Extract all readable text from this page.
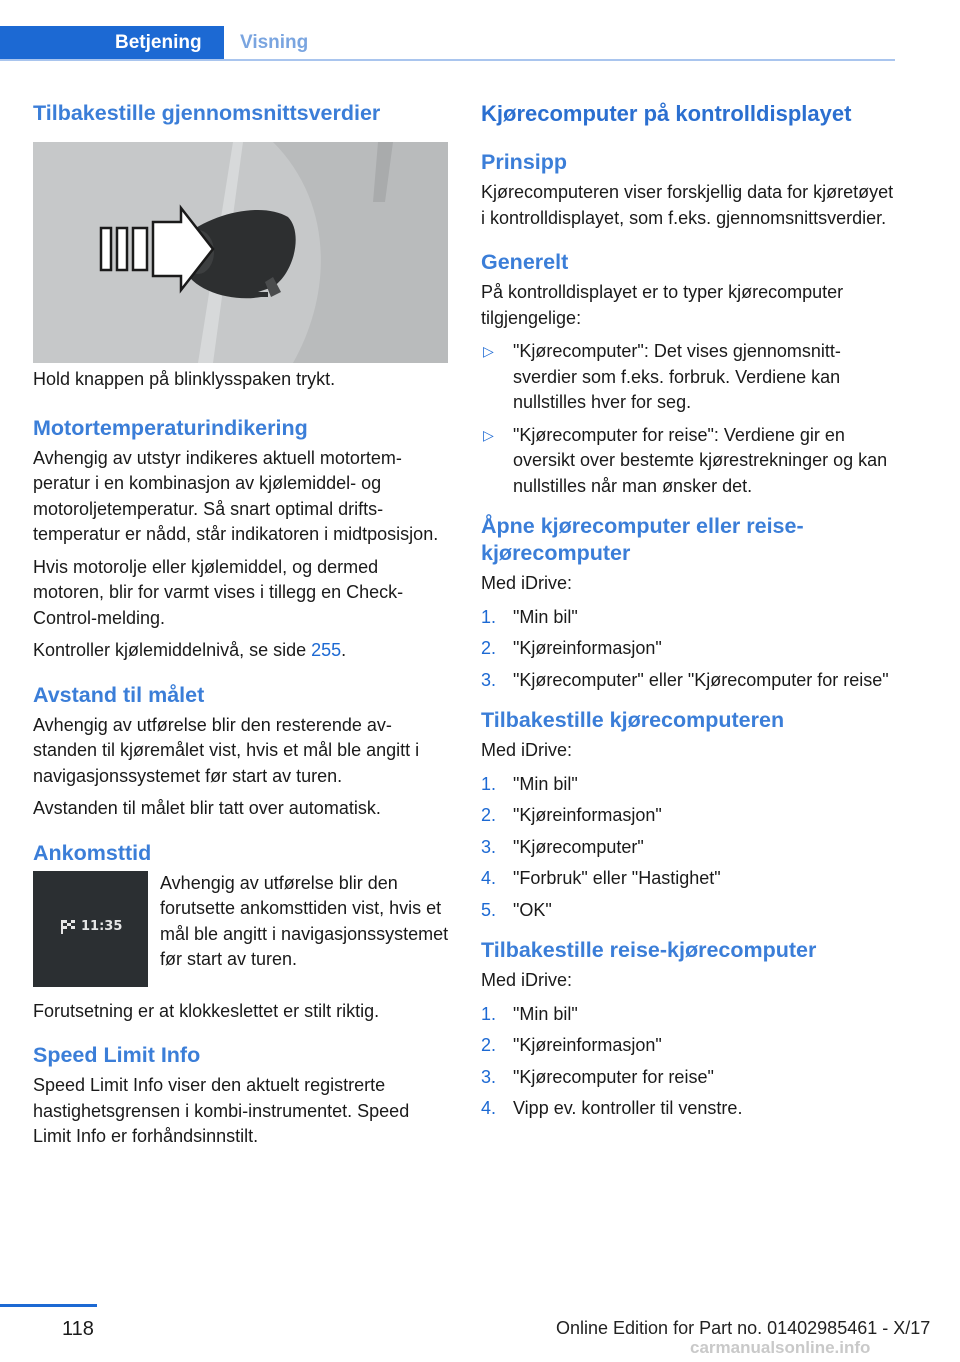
Betjening	Visning
Tilbakestille gjennomsnittsverdier

Hold knappen på blinklysspaken trykt.

Motortemperaturindikering

Avhengig av utstyr indikeres aktuell motortemperatur i en kombinasjon av kjølemiddel- og motoroljetemperatur. Så snart optimal driftstemperatur er nådd, står indikatoren i midtposisjon.

Hvis motorolje eller kjølemiddel, og dermed motoren, blir for varmt vises i tillegg en Check-Control-melding.

Kontroller kjølemiddelnivå, se side 255.

Avstand til målet

Avhengig av utførelse blir den resterende avstanden til kjøremålet vist, hvis et mål ble angitt i navigasjonssystemet før start av turen.

Avstanden til målet blir tatt over automatisk.

Ankomsttid
11:35

Avhengig av utførelse blir den forutsette ankomsttiden vist, hvis et mål ble angitt i navigasjonssystemet før start av turen.

Forutsetning er at klokkeslettet er stilt riktig.

Speed Limit Info

Speed Limit Info viser den aktuelt registrerte hastighetsgrensen i kombi-instrumentet. Speed Limit Info er forhåndsinnstilt.

Kjørecomputer på kontrolldisplayet
Prinsipp

Kjørecomputeren viser forskjellig data for kjøretøyet i kontrolldisplayet, som f.eks. gjennomsnittsverdier.

Generelt

På kontrolldisplayet er to typer kjørecomputer tilgjengelige:

▷ "Kjørecomputer": Det vises gjennomsnittsverdier som f.eks. forbruk. Verdiene kan nullstilles hver for seg.
▷ "Kjørecomputer for reise": Verdiene gir en oversikt over bestemte kjørestrekninger og kan nullstilles når man ønsker det.
Åpne kjørecomputer eller reisekjørecomputer

Med iDrive:

1. "Min bil"
2. "Kjøreinformasjon"
3. "Kjørecomputer" eller "Kjørecomputer for reise"
Tilbakestille kjørecomputeren

Med iDrive:

1. "Min bil"
2. "Kjøreinformasjon"
3. "Kjørecomputer"
4. "Forbruk" eller "Hastighet"
5. "OK"
Tilbakestille reise-kjørecomputer

Med iDrive:

1. "Min bil"
2. "Kjøreinformasjon"
3. "Kjørecomputer for reise"
4. Vipp ev. kontroller til venstre.
118	Online Edition for Part no. 01402985461 - X/17
carmanualsonline.info
